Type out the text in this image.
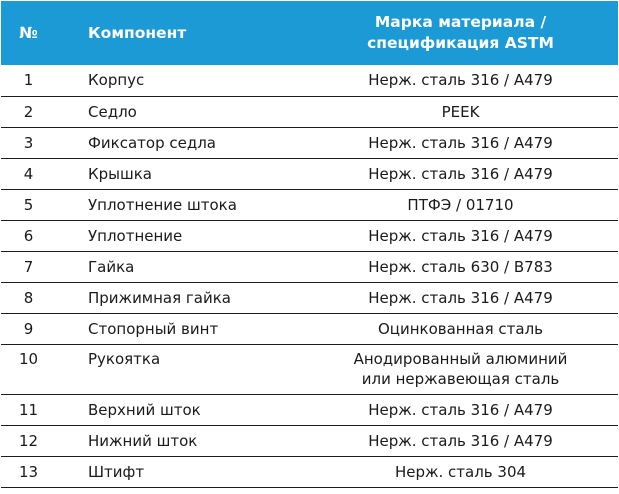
№	Компонент	Марка материала /
спецификация ASTM

1	Корпус	Нерж. сталь 316 / А479
2	Седло	PEEK
3	Фиксатор седла	Нерж. сталь 316 / А479
4	Крышка	Нерж. сталь 316 / А479
5	Уплотнение штока	ПТФЭ / 01710
6	Уплотнение	Нерж. сталь 316 / А479
7	Гайка	Нерж. сталь 630 / В783
8	Прижимная гайка	Нерж. сталь 316 / А479
9	Стопорный винт	Оцинкованная сталь
10	Рукоятка	Анодированный алюминий
или нержавеющая сталь

11	Верхний шток	Нерж. сталь 316 / А479
12	Нижний шток	Нерж. сталь 316 / А479
13	Штифт	Нерж. сталь 304
